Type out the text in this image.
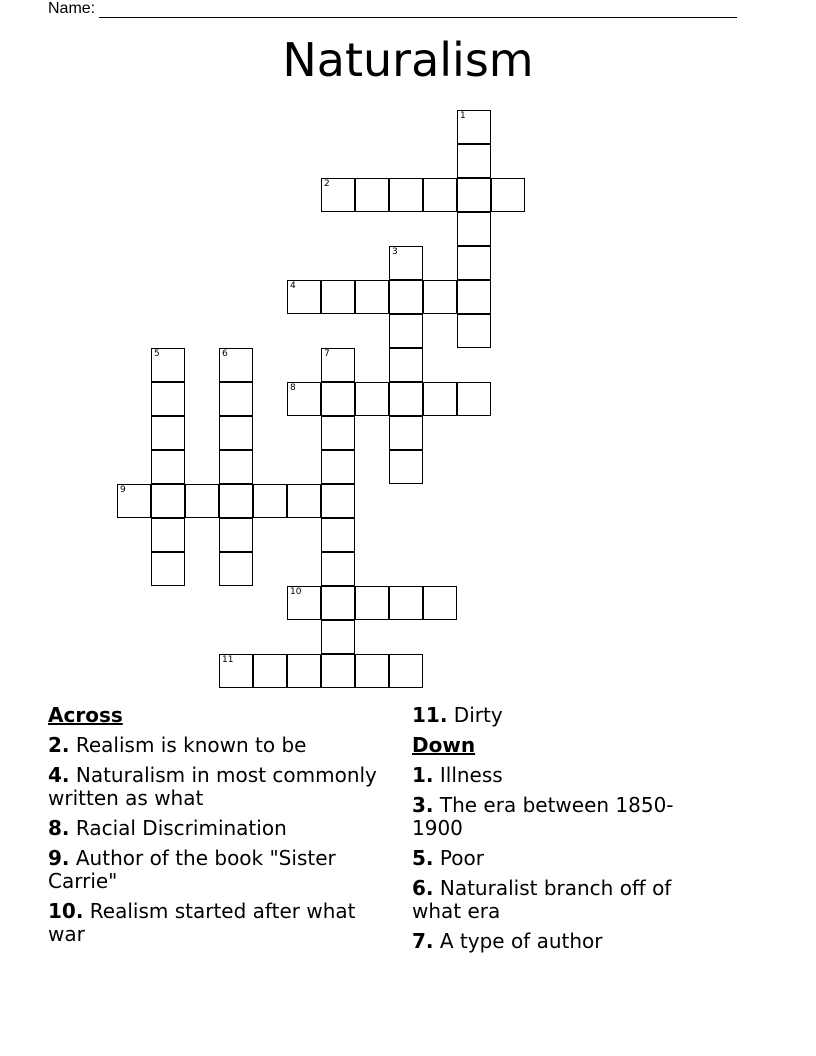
Name:
Naturalism
1
2
3
4
5	6	7
8
9
10
11
Across
2. Realism is known to be
4. Naturalism in most commonly written as what
8. Racial Discrimination
9. Author of the book "Sister Carrie"
10. Realism started after what war
11. Dirty
Down
1. Illness
3. The era between 1850-1900
5. Poor
6. Naturalist branch off of what era
7. A type of author
